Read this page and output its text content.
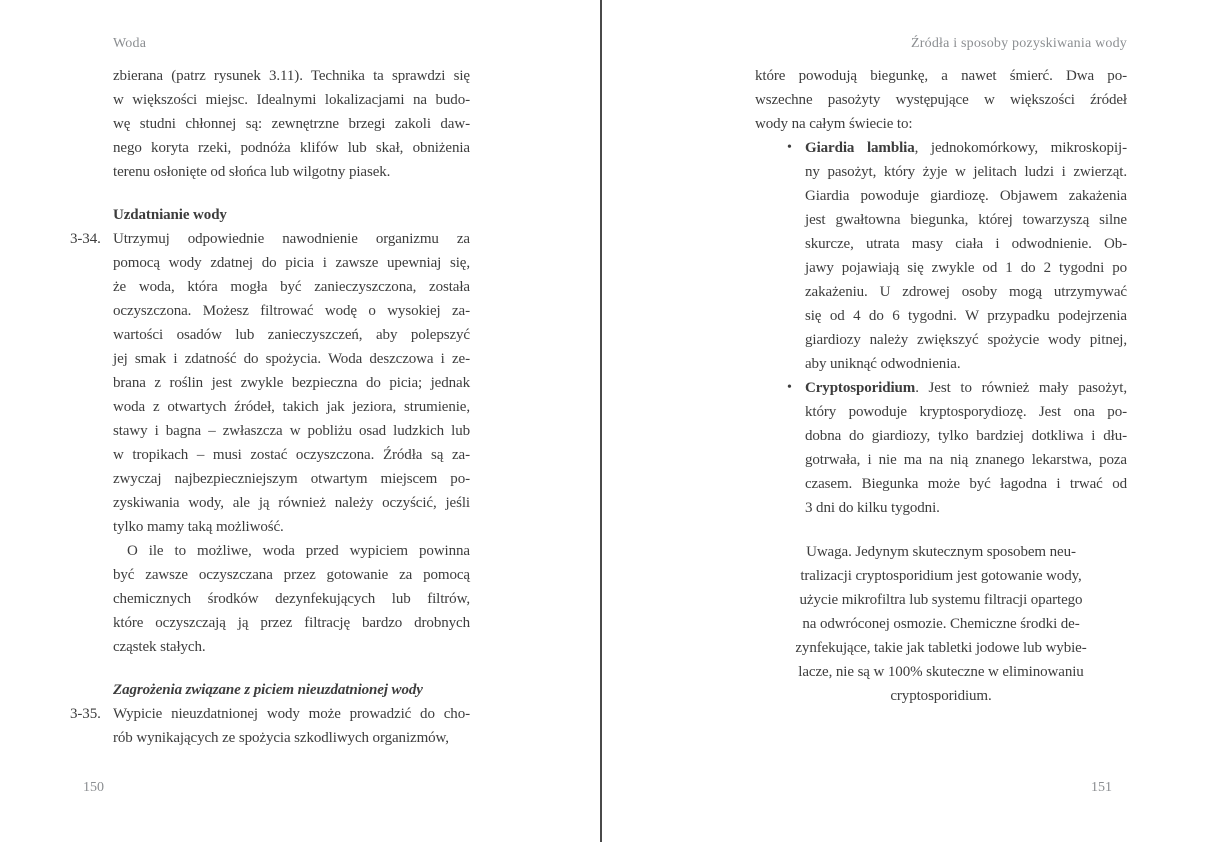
Woda
zbierana (patrz rysunek 3.11). Technika ta sprawdzi się
w większości miejsc. Idealnymi lokalizacjami na budo-
wę studni chłonnej są: zewnętrzne brzegi zakoli daw-
nego koryta rzeki, podnóża klifów lub skał, obniżenia
terenu osłonięte od słońca lub wilgotny piasek.
Uzdatnianie wody
3-34. Utrzymuj odpowiednie nawodnienie organizmu za
pomocą wody zdatnej do picia i zawsze upewniaj się,
że woda, która mogła być zanieczyszczona, została
oczyszczona. Możesz filtrować wodę o wysokiej za-
wartości osadów lub zanieczyszczeń, aby polepszyć
jej smak i zdatność do spożycia. Woda deszczowa i ze-
brana z roślin jest zwykle bezpieczna do picia; jednak
woda z otwartych źródeł, takich jak jeziora, strumienie,
stawy i bagna – zwłaszcza w pobliżu osad ludzkich lub
w tropikach – musi zostać oczyszczona. Źródła są za-
zwyczaj najbezpieczniejszym otwartym miejscem po-
zyskiwania wody, ale ją również należy oczyścić, jeśli
tylko mamy taką możliwość.
O ile to możliwe, woda przed wypiciem powinna
być zawsze oczyszczana przez gotowanie za pomocą
chemicznych środków dezynfekujących lub filtrów,
które oczyszczają ją przez filtrację bardzo drobnych
cząstek stałych.
Zagrożenia związane z piciem nieuzdatnionej wody
3-35. Wypicie nieuzdatnionej wody może prowadzić do cho-
rób wynikających ze spożycia szkodliwych organizmów,
150
Źródła i sposoby pozyskiwania wody
które powodują biegunkę, a nawet śmierć. Dwa po-
wszechne pasożyty występujące w większości źródeł
wody na całym świecie to:
• Giardia lamblia, jednokomórkowy, mikroskopij-
ny pasożyt, który żyje w jelitach ludzi i zwierząt.
Giardia powoduje giardiozę. Objawem zakażenia
jest gwałtowna biegunka, której towarzyszą silne
skurcze, utrata masy ciała i odwodnienie. Ob-
jawy pojawiają się zwykle od 1 do 2 tygodni po
zakażeniu. U zdrowej osoby mogą utrzymywać
się od 4 do 6 tygodni. W przypadku podejrzenia
giardiozy należy zwiększyć spożycie wody pitnej,
aby uniknąć odwodnienia.
• Cryptosporidium. Jest to również mały pasożyt,
który powoduje kryptosporydiozę. Jest ona po-
dobna do giardiozy, tylko bardziej dotkliwa i dłu-
gotrwała, i nie ma na nią znanego lekarstwa, poza
czasem. Biegunka może być łagodna i trwać od
3 dni do kilku tygodni.
Uwaga. Jedynym skutecznym sposobem neu-
tralizacji cryptosporidium jest gotowanie wody,
użycie mikrofiltra lub systemu filtracji opartego
na odwróconej osmozie. Chemiczne środki de-
zynfekujące, takie jak tabletki jodowe lub wybie-
lacze, nie są w 100% skuteczne w eliminowaniu
cryptosporidium.
151
